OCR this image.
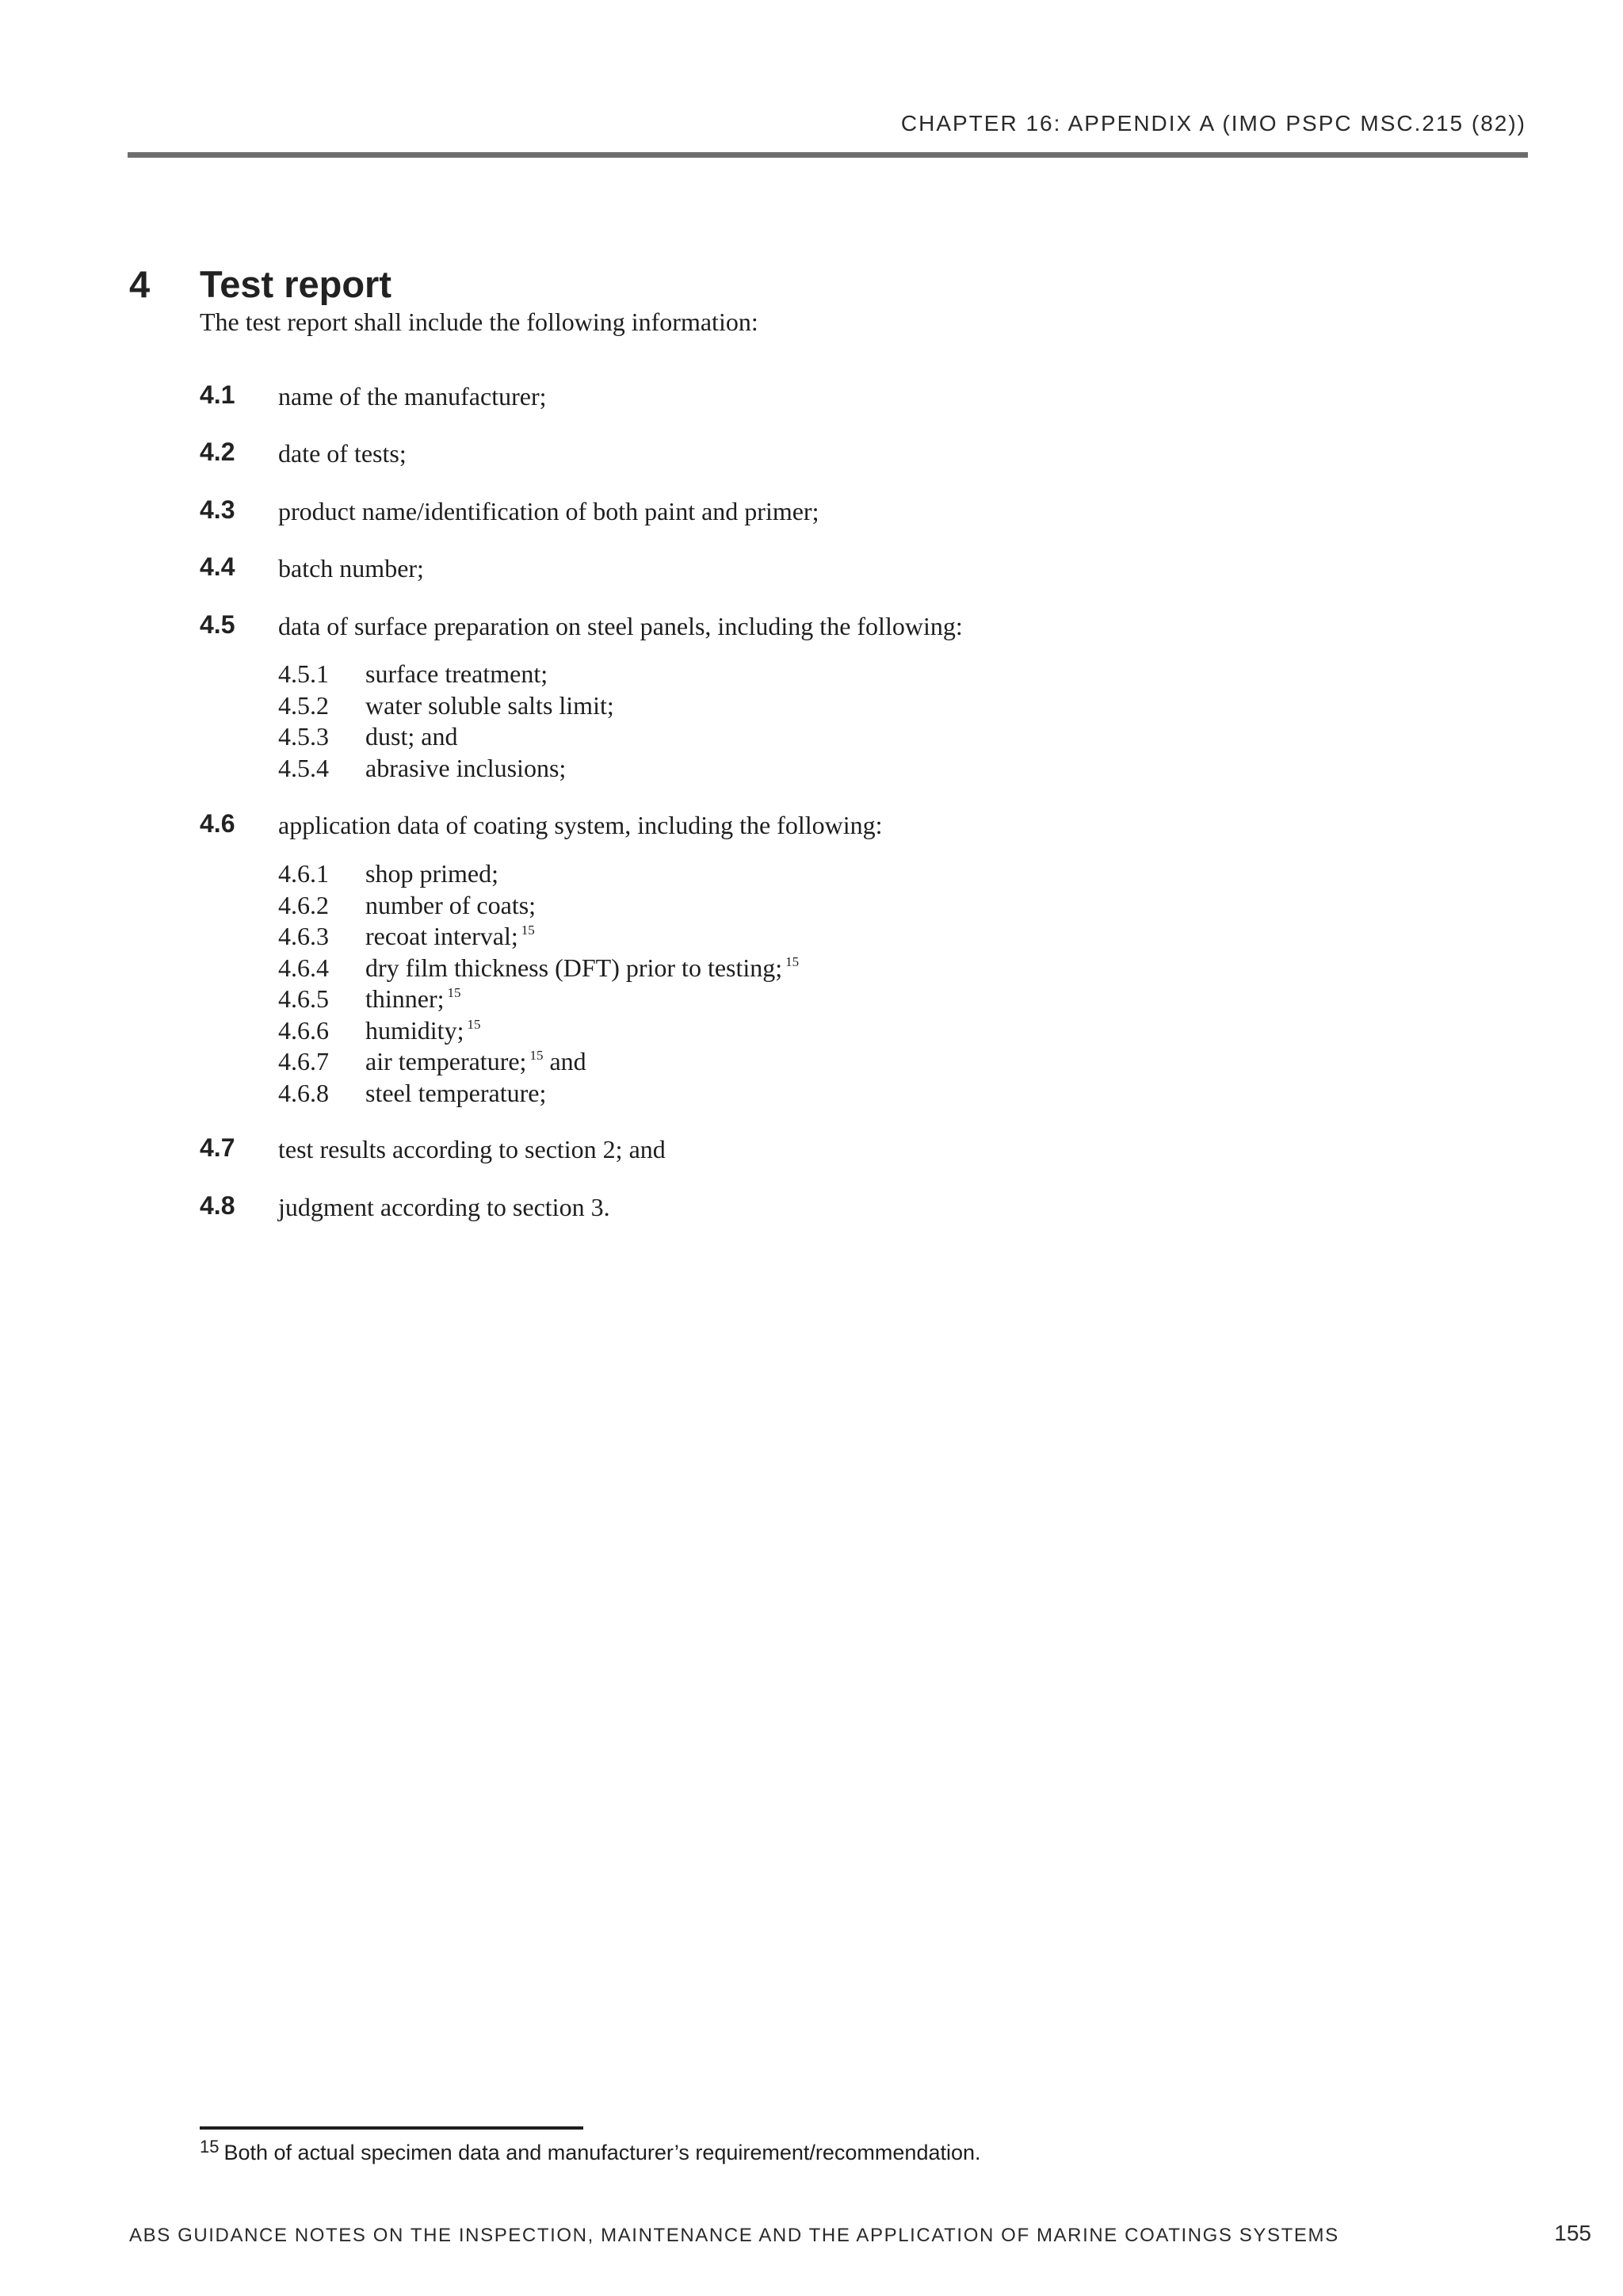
CHAPTER 16: APPENDIX A (IMO PSPC MSC.215 (82))
4 Test report
The test report shall include the following information:
4.1 name of the manufacturer;
4.2 date of tests;
4.3 product name/identification of both paint and primer;
4.4 batch number;
4.5 data of surface preparation on steel panels, including the following:
4.5.1 surface treatment;
4.5.2 water soluble salts limit;
4.5.3 dust; and
4.5.4 abrasive inclusions;
4.6 application data of coating system, including the following:
4.6.1 shop primed;
4.6.2 number of coats;
4.6.3 recoat interval; $^{15}$
4.6.4 dry film thickness (DFT) prior to testing; $^{15}$
4.6.5 thinner; $^{15}$
4.6.6 humidity; $^{15}$
4.6.7 air temperature; $^{15}$ and
4.6.8 steel temperature;
4.7 test results according to section 2; and
4.8 judgment according to section 3.
$^{15}$ Both of actual specimen data and manufacturer’s requirement/recommendation.
ABS GUIDANCE NOTES ON THE INSPECTION, MAINTENANCE AND THE APPLICATION OF MARINE COATINGS SYSTEMS	155
